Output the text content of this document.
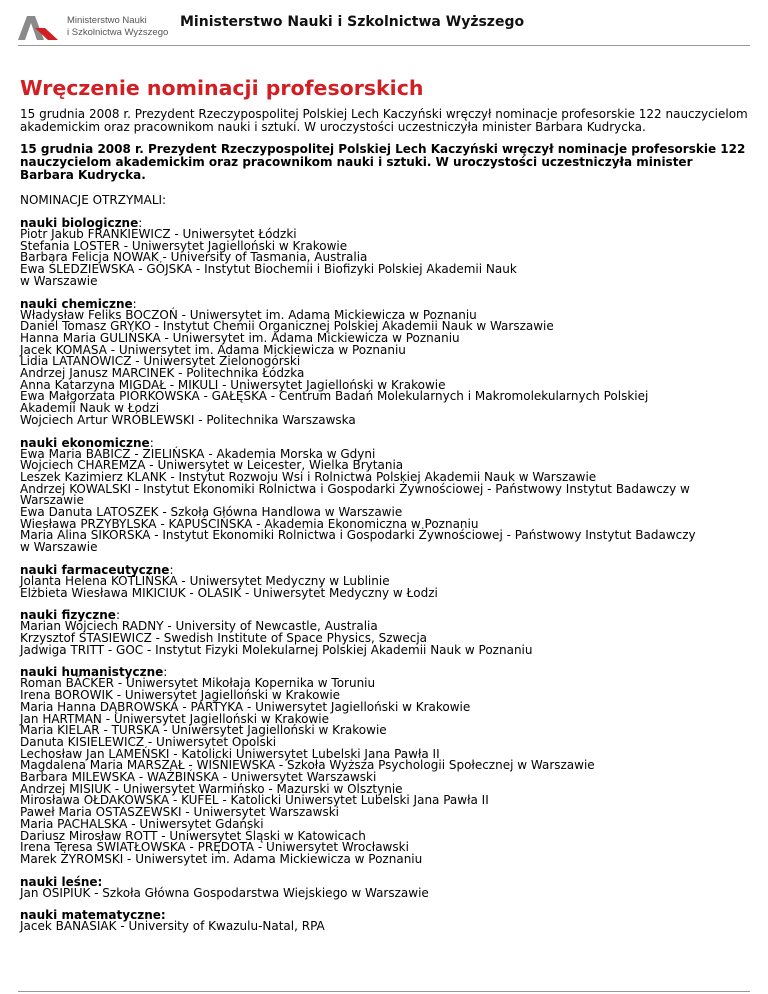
Ministerstwo Nauki
i Szkolnictwa Wyższego
Ministerstwo Nauki i Szkolnictwa Wyższego
Wręczenie nominacji profesorskich

15 grudnia 2008 r. Prezydent Rzeczypospolitej Polskiej Lech Kaczyński wręczył nominacje profesorskie 122 nauczycielom akademickim oraz pracownikom nauki i sztuki. W uroczystości uczestniczyła minister Barbara Kudrycka.

15 grudnia 2008 r. Prezydent Rzeczypospolitej Polskiej Lech Kaczyński wręczył nominacje profesorskie 122 nauczycielom akademickim oraz pracownikom nauki i sztuki. W uroczystości uczestniczyła minister Barbara Kudrycka.

NOMINACJE OTRZYMALI:

nauki biologiczne:
Piotr Jakub FRANKIEWICZ - Uniwersytet Łódzki
Stefania LOSTER - Uniwersytet Jagielloński w Krakowie
Barbara Felicja NOWAK - University of Tasmania, Australia
Ewa ŚLEDZIEWSKA - GÓJSKA - Instytut Biochemii i Biofizyki Polskiej Akademii Nauk
w Warszawie
nauki chemiczne:
Władysław Feliks BOCZOŃ - Uniwersytet im. Adama Mickiewicza w Poznaniu
Daniel Tomasz GRYKO - Instytut Chemii Organicznej Polskiej Akademii Nauk w Warszawie
Hanna Maria GULIŃSKA - Uniwersytet im. Adama Mickiewicza w Poznaniu
Jacek KOMASA - Uniwersytet im. Adama Mickiewicza w Poznaniu
Lidia LATANOWICZ - Uniwersytet Zielonogórski
Andrzej Janusz MARCINEK - Politechnika Łódzka
Anna Katarzyna MIGDAŁ - MIKULI - Uniwersytet Jagielloński w Krakowie
Ewa Małgorzata PIÓRKOWSKA - GAŁĘSKA - Centrum Badań Molekularnych i Makromolekularnych Polskiej
Akademii Nauk w Łodzi
Wojciech Artur WRÓBLEWSKI - Politechnika Warszawska
nauki ekonomiczne:
Ewa Maria BABICZ - ZIELIŃSKA - Akademia Morska w Gdyni
Wojciech CHAREMZA - Uniwersytet w Leicester, Wielka Brytania
Leszek Kazimierz KLANK - Instytut Rozwoju Wsi i Rolnictwa Polskiej Akademii Nauk w Warszawie
Andrzej KOWALSKI - Instytut Ekonomiki Rolnictwa i Gospodarki Żywnościowej - Państwowy Instytut Badawczy w
Warszawie
Ewa Danuta LATOSZEK - Szkoła Główna Handlowa w Warszawie
Wiesława PRZYBYLSKA - KAPUŚCIŃSKA - Akademia Ekonomiczna w Poznaniu
Maria Alina SIKORSKA - Instytut Ekonomiki Rolnictwa i Gospodarki Żywnościowej - Państwowy Instytut Badawczy
w Warszawie
nauki farmaceutyczne:
Jolanta Helena KOTLIŃSKA - Uniwersytet Medyczny w Lublinie
Elżbieta Wiesława MIKICIUK - OLASIK - Uniwersytet Medyczny w Łodzi
nauki fizyczne:
Marian Wojciech RADNY - University of Newcastle, Australia
Krzysztof STASIEWICZ - Swedish Institute of Space Physics, Szwecja
Jadwiga TRITT - GOC - Instytut Fizyki Molekularnej Polskiej Akademii Nauk w Poznaniu
nauki humanistyczne:
Roman BÄCKER - Uniwersytet Mikołaja Kopernika w Toruniu
Irena BOROWIK - Uniwersytet Jagielloński w Krakowie
Maria Hanna DĄBROWSKA - PARTYKA - Uniwersytet Jagielloński w Krakowie
Jan HARTMAN - Uniwersytet Jagielloński w Krakowie
Maria KIELAR - TURSKA - Uniwersytet Jagielloński w Krakowie
Danuta KISIELEWICZ - Uniwersytet Opolski
Lechosław Jan LAMEŃSKI - Katolicki Uniwersytet Lubelski Jana Pawła II
Magdalena Maria MARSZAŁ - WIŚNIEWSKA - Szkoła Wyższa Psychologii Społecznej w Warszawie
Barbara MILEWSKA - WAŹBIŃSKA - Uniwersytet Warszawski
Andrzej MISIUK - Uniwersytet Warmińsko - Mazurski w Olsztynie
Mirosława OŁDAKOWSKA - KUFEL - Katolicki Uniwersytet Lubelski Jana Pawła II
Paweł Maria OSTASZEWSKI - Uniwersytet Warszawski
Maria PACHALSKA - Uniwersytet Gdański
Dariusz Mirosław ROTT - Uniwersytet Śląski w Katowicach
Irena Teresa ŚWIATŁOWSKA - PRĘDOTA - Uniwersytet Wrocławski
Marek ŻYROMSKI - Uniwersytet im. Adama Mickiewicza w Poznaniu
nauki leśne:
Jan OSIPIUK - Szkoła Główna Gospodarstwa Wiejskiego w Warszawie
nauki matematyczne:
Jacek BANASIAK - University of Kwazulu-Natal, RPA
